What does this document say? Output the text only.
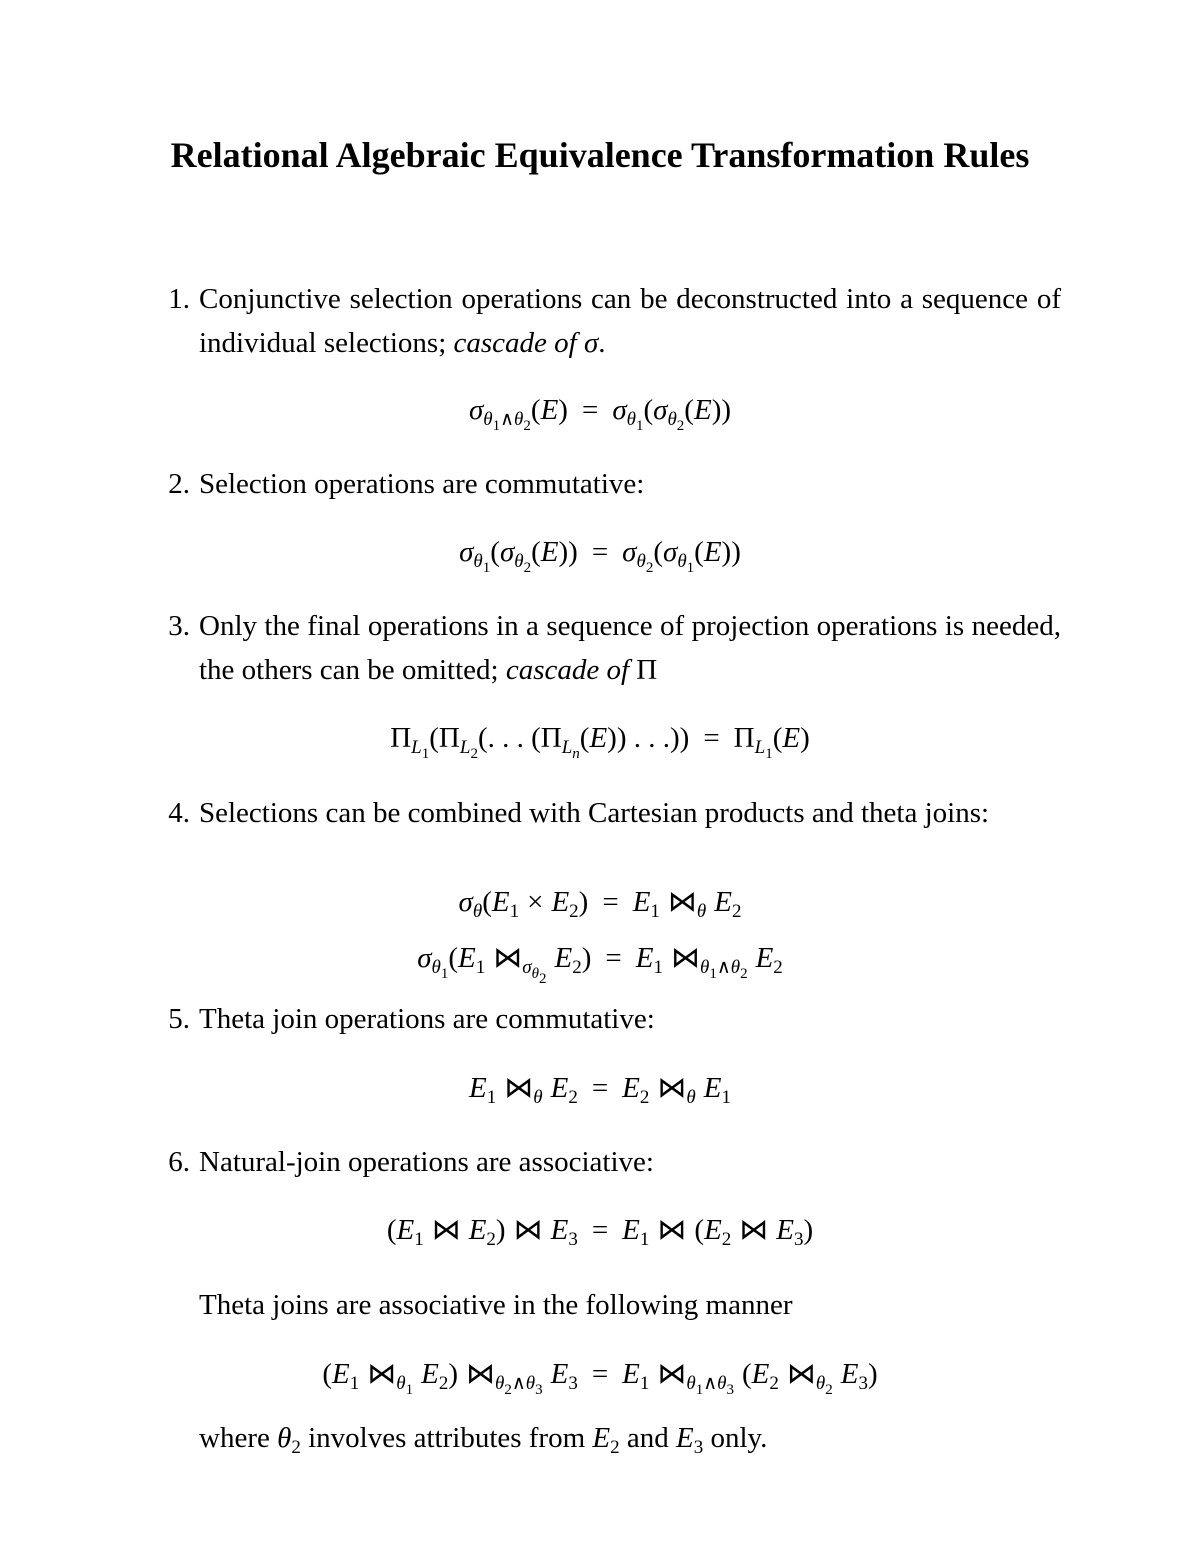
Relational Algebraic Equivalence Transformation Rules
1. Conjunctive selection operations can be deconstructed into a sequence of individual selections; cascade of σ.
$\sigma_{\theta_1\wedge\theta_2}(E) = \sigma_{\theta_1}(\sigma_{\theta_2}(E))$
2. Selection operations are commutative:
$\sigma_{\theta_1}(\sigma_{\theta_2}(E)) = \sigma_{\theta_2}(\sigma_{\theta_1}(E))$
3. Only the final operations in a sequence of projection operations is needed, the others can be omitted; cascade of Π
$\Pi_{L_1}(\Pi_{L_2}$(. . . $(\Pi_{L_n}(E))$ . . .)) = $\Pi_{L_1}(E)$
4. Selections can be combined with Cartesian products and theta joins:
$\sigma_\theta(E_1 \times E_2) = E_1$ $⋈_\theta$ $E_2$
$\sigma_{\theta_1}(E_1$ $⋈_{\sigma_{\theta_2}}E_2) = E_1$ $⋈_{\theta_1\wedge\theta_2}$ $E_2$
5. Theta join operations are commutative:
$E_1$ $⋈_\theta$ $E_2 = E_2$ $⋈_\theta$ $E_1$
6. Natural-join operations are associative:
($E_1$ ⋈ $E_2$) ⋈ $E_3 = E_1$ ⋈ ($E_2$ ⋈ $E_3$)
Theta joins are associative in the following manner
($E_1$ $⋈_{\theta_1}$ $E_2$) $⋈_{\theta_2\wedge\theta_3}$ $E_3 = E_1$ $⋈_{\theta_1\wedge\theta_3}$ ($E_2$ $⋈_{\theta_2}$ $E_3$)
where $\theta_2$ involves attributes from $E_2$ and $E_3$ only.
